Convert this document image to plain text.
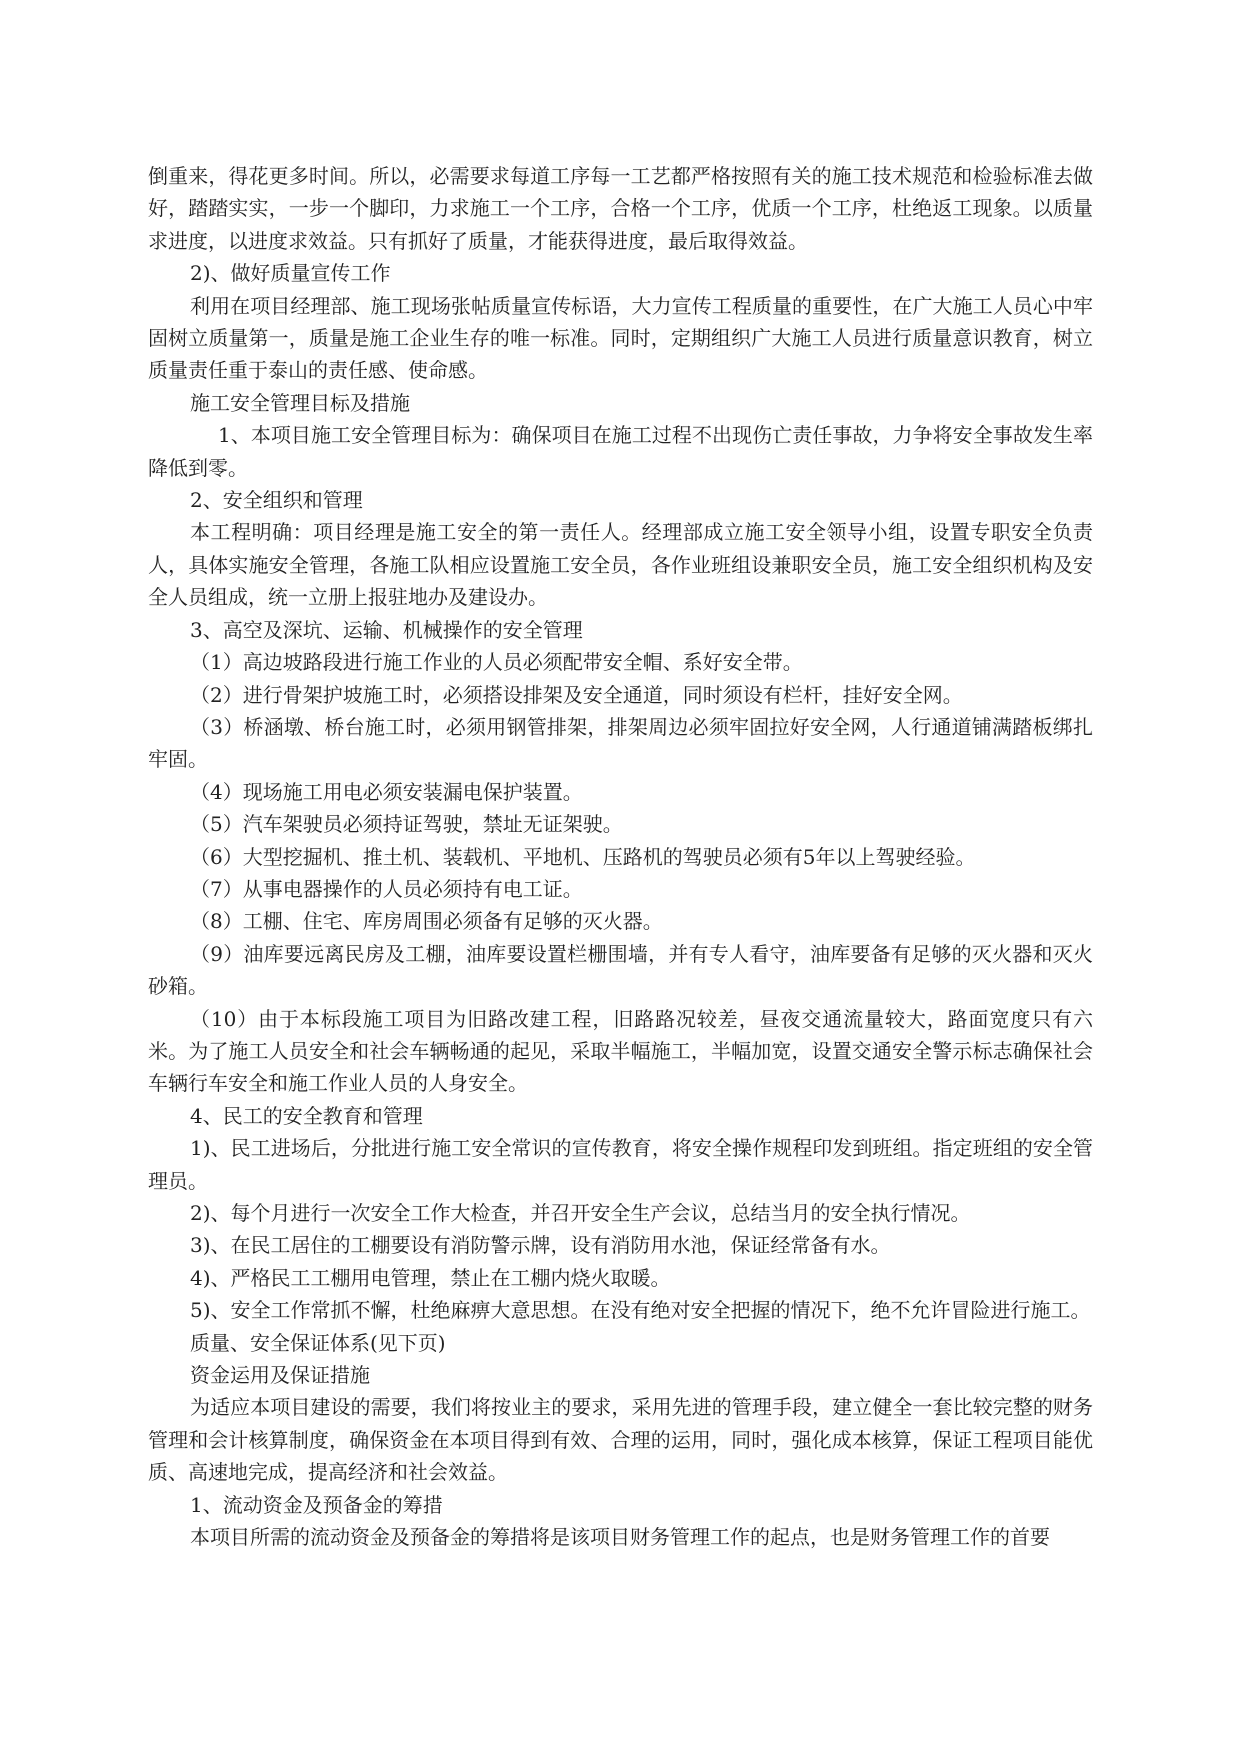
倒重来，得花更多时间。所以，必需要求每道工序每一工艺都严格按照有关的施工技术规范和检验标准去做好，踏踏实实，一步一个脚印，力求施工一个工序，合格一个工序，优质一个工序，杜绝返工现象。以质量求进度，以进度求效益。只有抓好了质量，才能获得进度，最后取得效益。

2)、做好质量宣传工作

利用在项目经理部、施工现场张帖质量宣传标语，大力宣传工程质量的重要性，在广大施工人员心中牢固树立质量第一，质量是施工企业生存的唯一标准。同时，定期组织广大施工人员进行质量意识教育，树立质量责任重于泰山的责任感、使命感。

施工安全管理目标及措施

1、本项目施工安全管理目标为：确保项目在施工过程不出现伤亡责任事故，力争将安全事故发生率降低到零。

2、安全组织和管理

本工程明确：项目经理是施工安全的第一责任人。经理部成立施工安全领导小组，设置专职安全负责人，具体实施安全管理，各施工队相应设置施工安全员，各作业班组设兼职安全员，施工安全组织机构及安全人员组成，统一立册上报驻地办及建设办。

3、高空及深坑、运输、机械操作的安全管理

（1）高边坡路段进行施工作业的人员必须配带安全帽、系好安全带。

（2）进行骨架护坡施工时，必须搭设排架及安全通道，同时须设有栏杆，挂好安全网。

（3）桥涵墩、桥台施工时，必须用钢管排架，排架周边必须牢固拉好安全网，人行通道铺满踏板绑扎牢固。

（4）现场施工用电必须安装漏电保护装置。

（5）汽车架驶员必须持证驾驶，禁址无证架驶。

（6）大型挖掘机、推土机、装载机、平地机、压路机的驾驶员必须有5年以上驾驶经验。

（7）从事电器操作的人员必须持有电工证。

（8）工棚、住宅、库房周围必须备有足够的灭火器。

（9）油库要远离民房及工棚，油库要设置栏栅围墙，并有专人看守，油库要备有足够的灭火器和灭火砂箱。

（10）由于本标段施工项目为旧路改建工程，旧路路况较差，昼夜交通流量较大，路面宽度只有六米。为了施工人员安全和社会车辆畅通的起见，采取半幅施工，半幅加宽，设置交通安全警示标志确保社会车辆行车安全和施工作业人员的人身安全。

4、民工的安全教育和管理

1)、民工进场后，分批进行施工安全常识的宣传教育，将安全操作规程印发到班组。指定班组的安全管理员。

2)、每个月进行一次安全工作大检查，并召开安全生产会议，总结当月的安全执行情况。

3)、在民工居住的工棚要设有消防警示牌，设有消防用水池，保证经常备有水。

4)、严格民工工棚用电管理，禁止在工棚内烧火取暖。

5)、安全工作常抓不懈，杜绝麻痹大意思想。在没有绝对安全把握的情况下，绝不允许冒险进行施工。

质量、安全保证体系(见下页)

资金运用及保证措施

为适应本项目建设的需要，我们将按业主的要求，采用先进的管理手段，建立健全一套比较完整的财务管理和会计核算制度，确保资金在本项目得到有效、合理的运用，同时，强化成本核算，保证工程项目能优质、高速地完成，提高经济和社会效益。

1、流动资金及预备金的筹措

本项目所需的流动资金及预备金的筹措将是该项目财务管理工作的起点，也是财务管理工作的首要
